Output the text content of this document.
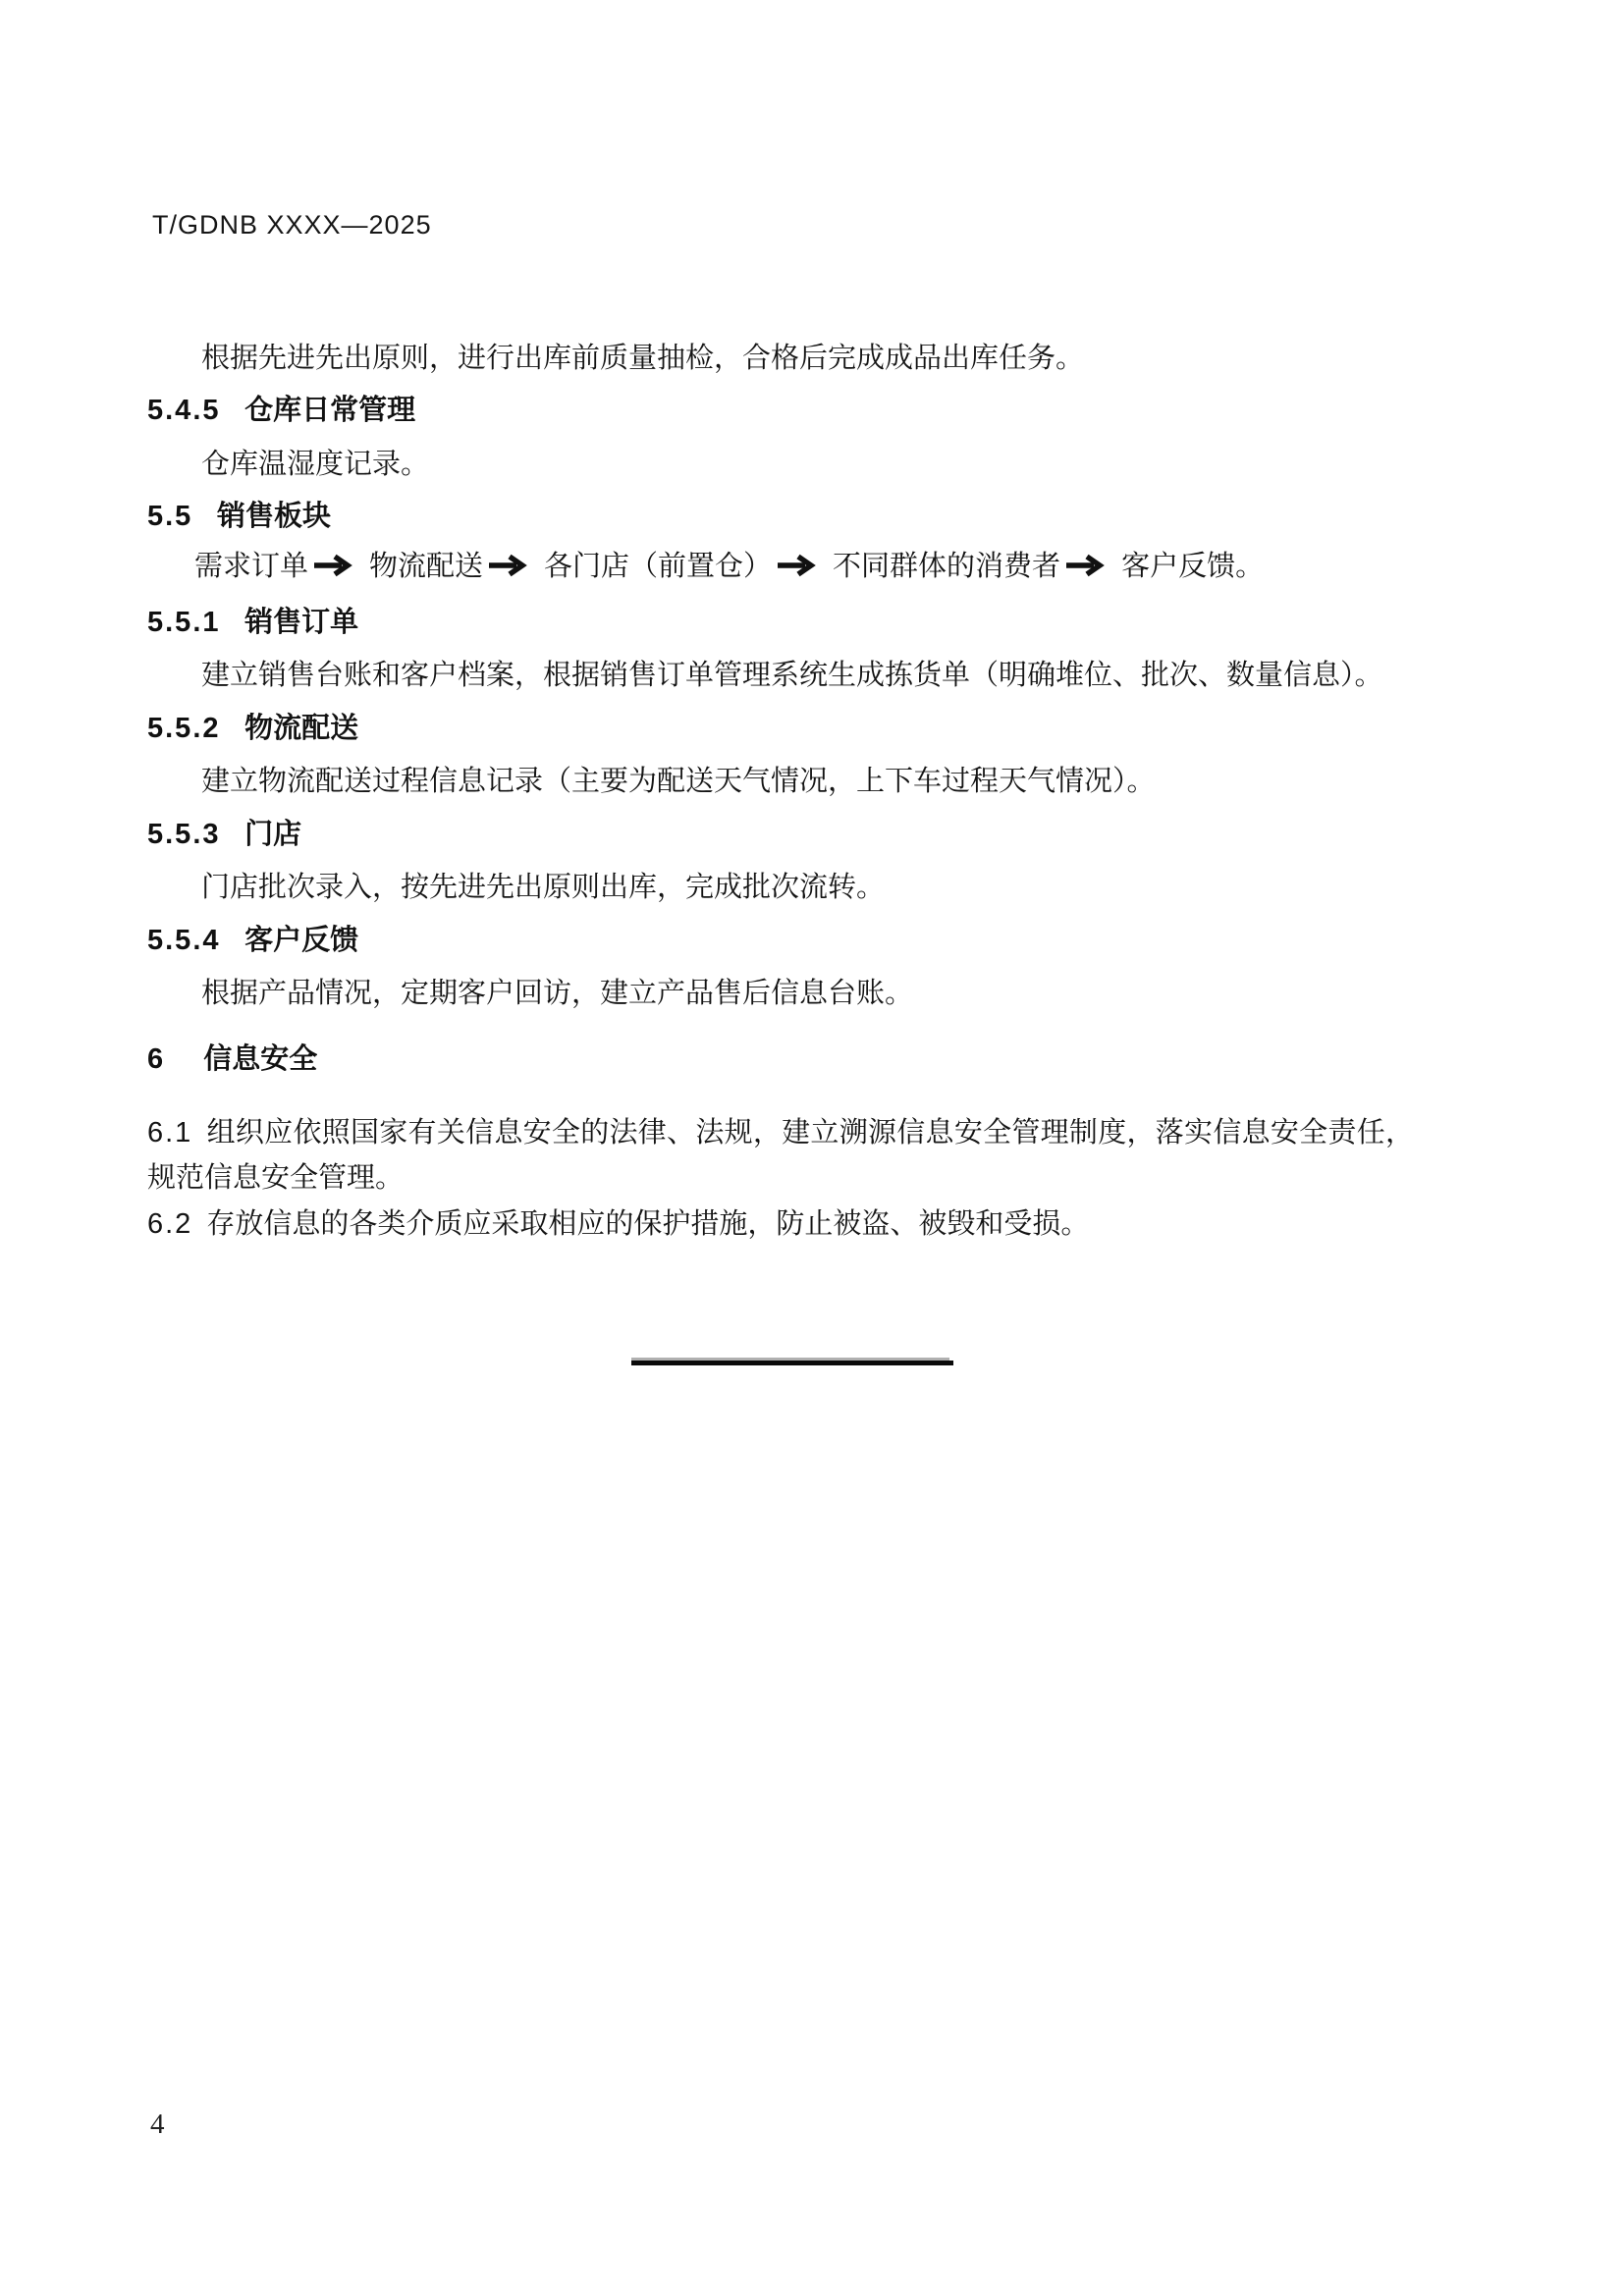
T/GDNB XXXX—2025

根据先进先出原则，进行出库前质量抽检，合格后完成成品出库任务。

5.4.5 仓库日常管理

仓库温湿度记录。

5.5 销售板块
需求订单 物流配送 各门店（前置仓） 不同群体的消费者 客户反馈。
5.5.1 销售订单

建立销售台账和客户档案，根据销售订单管理系统生成拣货单（明确堆位、批次、数量信息）。

5.5.2 物流配送

建立物流配送过程信息记录（主要为配送天气情况，上下车过程天气情况）。

5.5.3 门店

门店批次录入，按先进先出原则出库，完成批次流转。

5.5.4 客户反馈

根据产品情况，定期客户回访，建立产品售后信息台账。

6 信息安全

6.1 组织应依照国家有关信息安全的法律、法规，建立溯源信息安全管理制度，落实信息安全责任，规范信息安全管理。

6.2 存放信息的各类介质应采取相应的保护措施，防止被盗、被毁和受损。

4
